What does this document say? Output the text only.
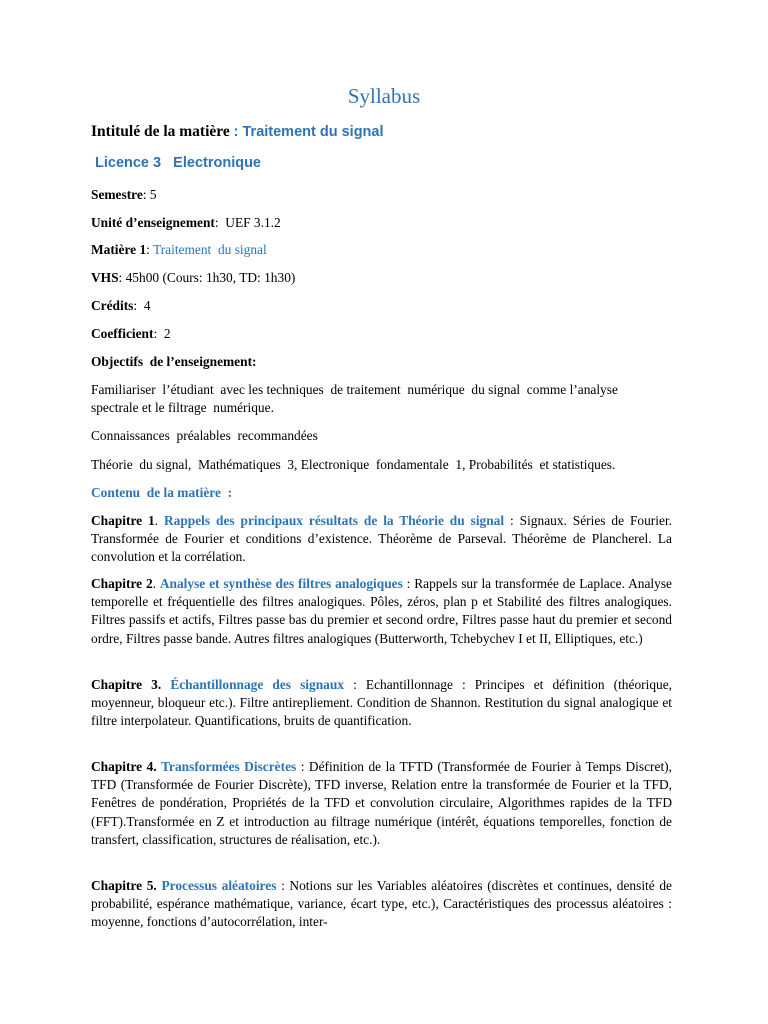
Syllabus
Intitulé de la matière : Traitement du signal
Licence 3   Electronique
Semestre: 5
Unité d’enseignement:  UEF 3.1.2
Matière 1: Traitement  du signal
VHS: 45h00 (Cours: 1h30, TD: 1h30)
Crédits:  4
Coefficient:  2
Objectifs  de l’enseignement:
Familiariser  l’étudiant  avec les techniques  de traitement  numérique  du signal  comme l’analyse  spectrale et le filtrage  numérique.
Connaissances  préalables  recommandées
Théorie  du signal,  Mathématiques  3, Electronique  fondamentale  1, Probabilités  et statistiques.
Contenu  de la matière  :
Chapitre 1. Rappels des principaux résultats de la Théorie du signal : Signaux. Séries de Fourier. Transformée de Fourier et conditions d’existence. Théorème de Parseval. Théorème de Plancherel. La convolution et la corrélation.
Chapitre 2. Analyse et synthèse des filtres analogiques : Rappels sur la transformée de Laplace. Analyse temporelle et fréquentielle des filtres analogiques. Pôles, zéros, plan p et Stabilité des filtres analogiques. Filtres passifs et actifs, Filtres passe bas du premier et second ordre, Filtres passe haut du premier et second ordre, Filtres passe bande. Autres filtres analogiques (Butterworth, Tchebychev I et II, Elliptiques, etc.)
Chapitre 3. Échantillonnage des signaux : Echantillonnage : Principes et définition (théorique, moyenneur, bloqueur etc.). Filtre antirepliement. Condition de Shannon. Restitution du signal analogique et filtre interpolateur. Quantifications, bruits de quantification.
Chapitre 4. Transformées Discrètes : Définition de la TFTD (Transformée de Fourier à Temps Discret), TFD (Transformée de Fourier Discrète), TFD inverse, Relation entre la transformée de Fourier et la TFD, Fenêtres de pondération, Propriétés de la TFD et convolution circulaire, Algorithmes rapides de la TFD (FFT).Transformée en Z et introduction au filtrage numérique (intérêt, équations temporelles, fonction de transfert, classification, structures de réalisation, etc.).
Chapitre 5. Processus aléatoires : Notions sur les Variables aléatoires (discrètes et continues, densité de probabilité, espérance mathématique, variance, écart type, etc.), Caractéristiques des processus aléatoires : moyenne, fonctions d’autocorrélation, inter-
